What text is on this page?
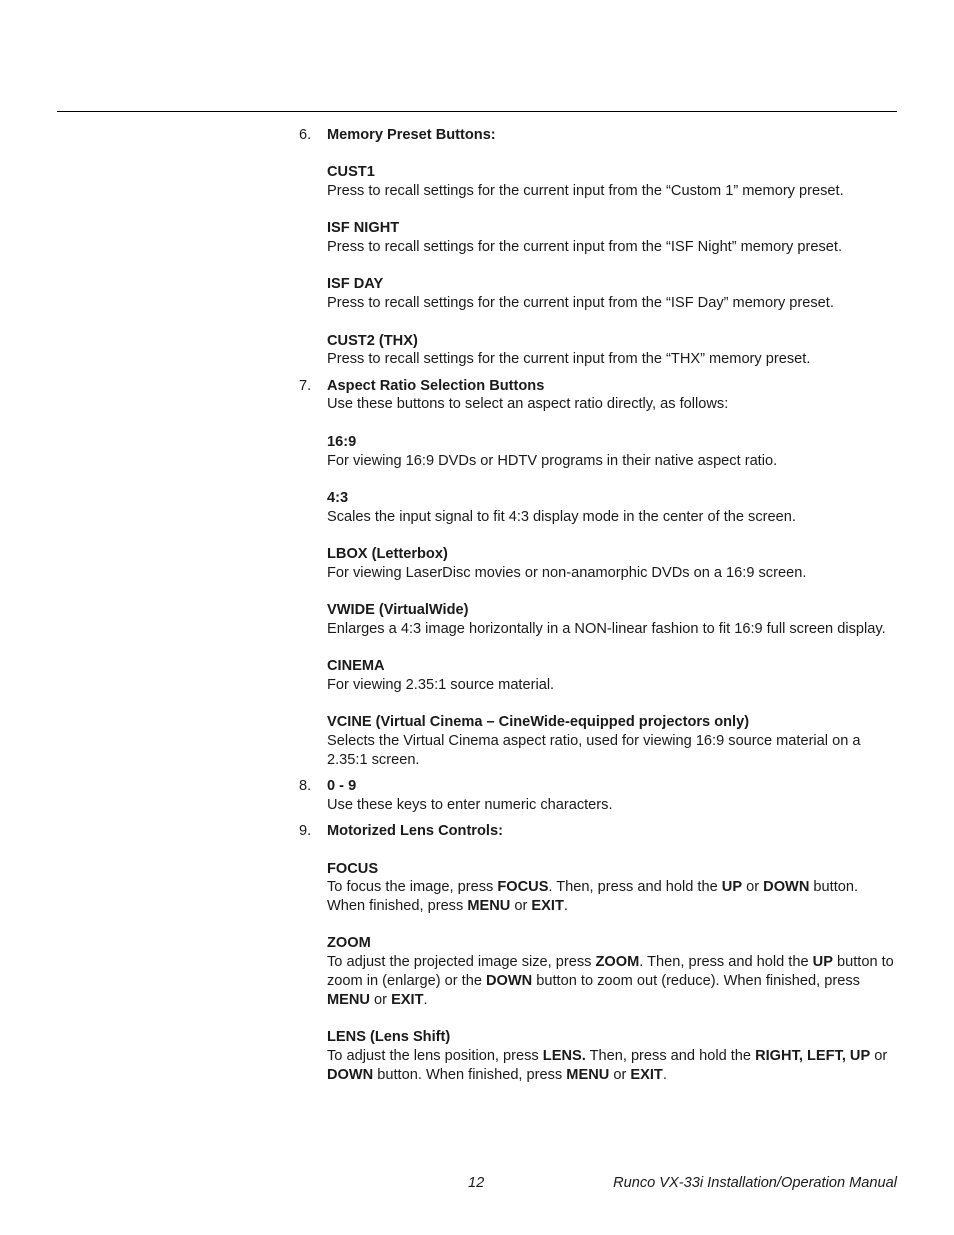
6. Memory Preset Buttons:
CUST1
Press to recall settings for the current input from the “Custom 1” memory preset.
ISF NIGHT
Press to recall settings for the current input from the “ISF Night” memory preset.
ISF DAY
Press to recall settings for the current input from the “ISF Day” memory preset.
CUST2 (THX)
Press to recall settings for the current input from the “THX” memory preset.
7. Aspect Ratio Selection Buttons
Use these buttons to select an aspect ratio directly, as follows:
16:9
For viewing 16:9 DVDs or HDTV programs in their native aspect ratio.
4:3
Scales the input signal to fit 4:3 display mode in the center of the screen.
LBOX (Letterbox)
For viewing LaserDisc movies or non-anamorphic DVDs on a 16:9 screen.
VWIDE (VirtualWide)
Enlarges a 4:3 image horizontally in a NON-linear fashion to fit 16:9 full screen display.
CINEMA
For viewing 2.35:1 source material.
VCINE (Virtual Cinema – CineWide-equipped projectors only)
Selects the Virtual Cinema aspect ratio, used for viewing 16:9 source material on a 2.35:1 screen.
8. 0 - 9
Use these keys to enter numeric characters.
9. Motorized Lens Controls:
FOCUS
To focus the image, press FOCUS. Then, press and hold the UP or DOWN button. When finished, press MENU or EXIT.
ZOOM
To adjust the projected image size, press ZOOM. Then, press and hold the UP button to zoom in (enlarge) or the DOWN button to zoom out (reduce). When finished, press MENU or EXIT.
LENS (Lens Shift)
To adjust the lens position, press LENS. Then, press and hold the RIGHT, LEFT, UP or DOWN button. When finished, press MENU or EXIT.
12	Runco VX-33i Installation/Operation Manual
